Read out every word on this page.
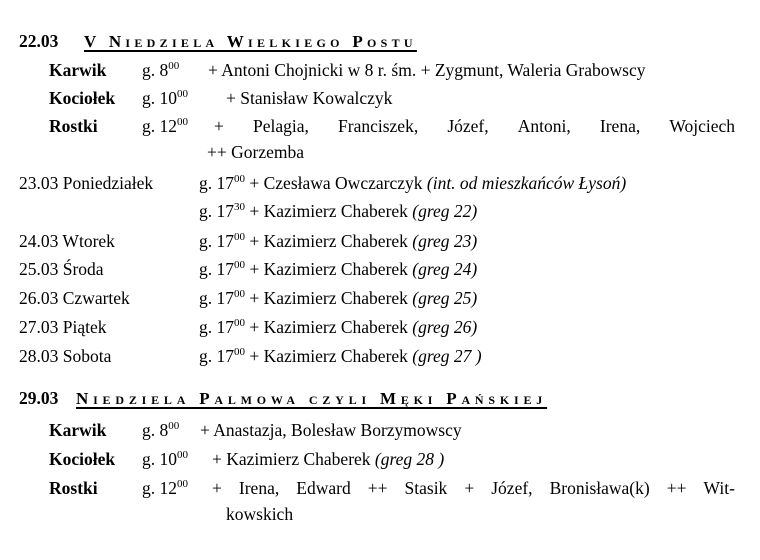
22.03 V Niedziela Wielkiego Postu
Karwik g. $8^{00}$ + Antoni Chojnicki w 8 r. śm. + Zygmunt, Waleria Grabowscy
Kociołek g. $10^{00}$ + Stanisław Kowalczyk
Rostki	g. $12^{00}$ + Pelagia, Franciszek, Józef, Antoni, Irena, Wojciech
++ Gorzemba
23.03 Poniedziałek	g. $17^{00}$ + Czesława Owczarczyk (int. od mieszkańców Łysoń)
g. $17^{30}$ + Kazimierz Chaberek (greg 22)
24.03 Wtorek	g. $17^{00}$ + Kazimierz Chaberek (greg 23)
25.03 Środa	g. $17^{00}$ + Kazimierz Chaberek (greg 24)
26.03 Czwartek	g. $17^{00}$ + Kazimierz Chaberek (greg 25)
27.03 Piątek	g. $17^{00}$ + Kazimierz Chaberek (greg 26)
28.03 Sobota	g. $17^{00}$ + Kazimierz Chaberek (greg 27 )
29.03 Niedziela Palmowa czyli Męki Pańskiej
Karwik g. $8^{00}$ + Anastazja, Bolesław Borzymowscy
Kociołek g. $10^{00}$ + Kazimierz Chaberek (greg 28 )
Rostki	g. $12^{00}$ + Irena, Edward ++ Stasik + Józef, Bronisława(k) ++ Wit-
kowskich
